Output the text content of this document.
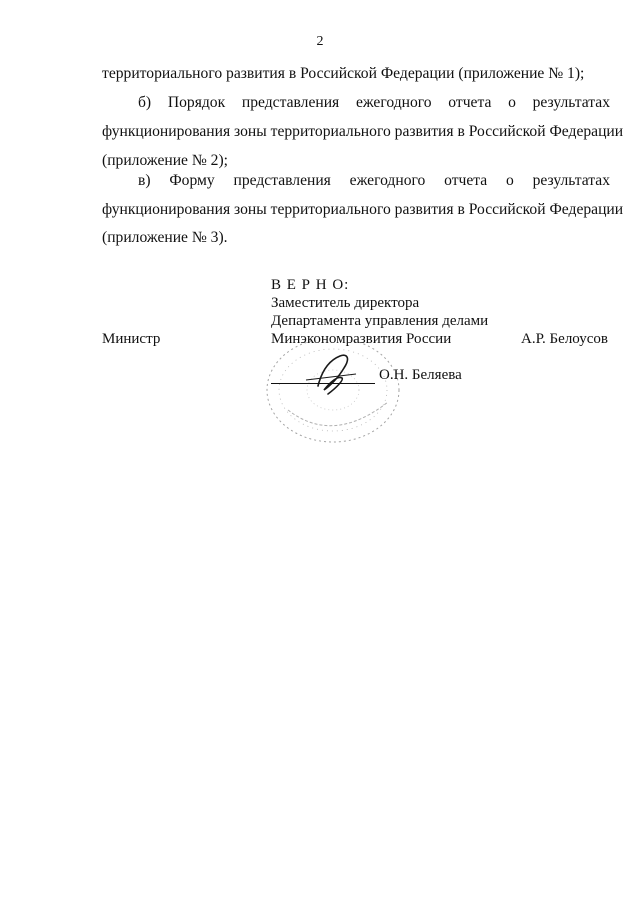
2
территориального развития в Российской Федерации (приложение № 1);
б) Порядок представления ежегодного отчета о результатах
функционирования зоны территориального развития в Российской Федерации
(приложение № 2);
в) Форму представления ежегодного отчета о результатах
функционирования зоны территориального развития в Российской Федерации
(приложение № 3).
В Е Р Н О:
Заместитель директора
Департамента управления делами
Минэкономразвития России
Министр	А.Р. Белоусов
О.Н. Беляева
